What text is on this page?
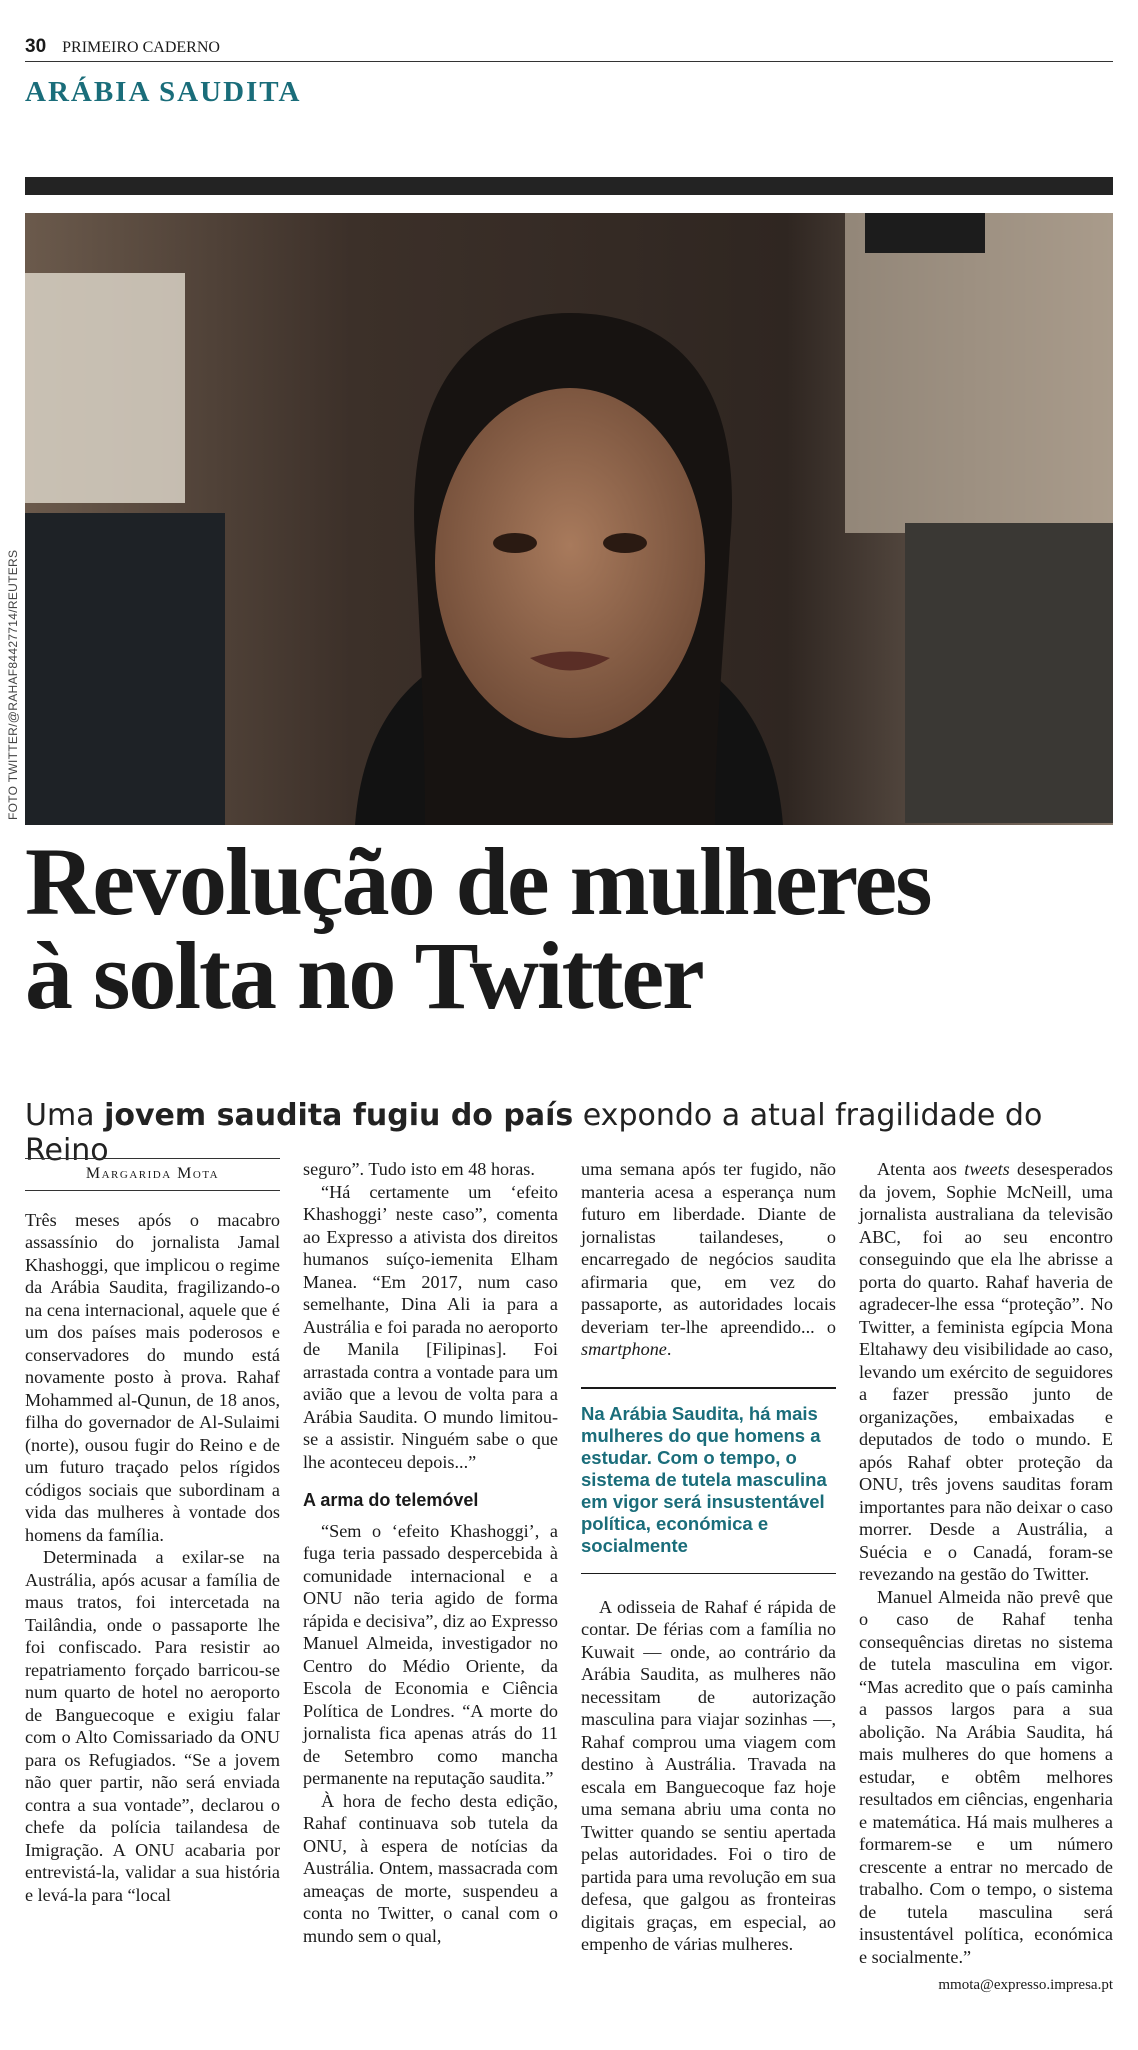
30 PRIMEIRO CADERNO
ARÁBIA SAUDITA
Rahaf al-Qunun,
saudita, 18 anos,
fugiu a 5 de janeiro
FOTO TWITTER/@RAHAF84427714/REUTERS
Revolução de mulheres
à solta no Twitter
Uma jovem saudita fugiu do país expondo a atual fragilidade do Reino
Margarida Mota

Três meses após o macabro assassínio do jornalista Jamal Khashoggi, que implicou o regime da Arábia Saudita, fragilizando-o na cena internacional, aquele que é um dos países mais poderosos e conservadores do mundo está novamente posto à prova. Rahaf Mohammed al-Qunun, de 18 anos, filha do governador de Al-Sulaimi (norte), ousou fugir do Reino e de um futuro traçado pelos rígidos códigos sociais que subordinam a vida das mulheres à vontade dos homens da família.

Determinada a exilar-se na Austrália, após acusar a família de maus tratos, foi intercetada na Tailândia, onde o passaporte lhe foi confiscado. Para resistir ao repatriamento forçado barricou-se num quarto de hotel no aeroporto de Banguecoque e exigiu falar com o Alto Comissariado da ONU para os Refugiados. “Se a jovem não quer partir, não será enviada contra a sua vontade”, declarou o chefe da polícia tailandesa de Imigração. A ONU acabaria por entrevistá-la, validar a sua história e levá-la para “local

seguro”. Tudo isto em 48 horas.

“Há certamente um ‘efeito Khashoggi’ neste caso”, comenta ao Expresso a ativista dos direitos humanos suíço-iemenita Elham Manea. “Em 2017, num caso semelhante, Dina Ali ia para a Austrália e foi parada no aeroporto de Manila [Filipinas]. Foi arrastada contra a vontade para um avião que a levou de volta para a Arábia Saudita. O mundo limitou-se a assistir. Ninguém sabe o que lhe aconteceu depois...”

A arma do telemóvel

“Sem o ‘efeito Khashoggi’, a fuga teria passado despercebida à comunidade internacional e a ONU não teria agido de forma rápida e decisiva”, diz ao Expresso Manuel Almeida, investigador no Centro do Médio Oriente, da Escola de Economia e Ciência Política de Londres. “A morte do jornalista fica apenas atrás do 11 de Setembro como mancha permanente na reputação saudita.”

À hora de fecho desta edição, Rahaf continuava sob tutela da ONU, à espera de notícias da Austrália. Ontem, massacrada com ameaças de morte, suspendeu a conta no Twitter, o canal com o mundo sem o qual,

uma semana após ter fugido, não manteria acesa a esperança num futuro em liberdade. Diante de jornalistas tailandeses, o encarregado de negócios saudita afirmaria que, em vez do passaporte, as autoridades locais deveriam ter-lhe apreendido... o smartphone.

Na Arábia Saudita, há mais mulheres do que homens a estudar. Com o tempo, o sistema de tutela masculina em vigor será insustentável política, económica e socialmente

A odisseia de Rahaf é rápida de contar. De férias com a família no Kuwait — onde, ao contrário da Arábia Saudita, as mulheres não necessitam de autorização masculina para viajar sozinhas —, Rahaf comprou uma viagem com destino à Austrália. Travada na escala em Banguecoque faz hoje uma semana abriu uma conta no Twitter quando se sentiu apertada pelas autoridades. Foi o tiro de partida para uma revolução em sua defesa, que galgou as fronteiras digitais graças, em especial, ao empenho de várias mulheres.

Atenta aos tweets desesperados da jovem, Sophie McNeill, uma jornalista australiana da televisão ABC, foi ao seu encontro conseguindo que ela lhe abrisse a porta do quarto. Rahaf haveria de agradecer-lhe essa “proteção”. No Twitter, a feminista egípcia Mona Eltahawy deu visibilidade ao caso, levando um exército de seguidores a fazer pressão junto de organizações, embaixadas e deputados de todo o mundo. E após Rahaf obter proteção da ONU, três jovens sauditas foram importantes para não deixar o caso morrer. Desde a Austrália, a Suécia e o Canadá, foram-se revezando na gestão do Twitter.

Manuel Almeida não prevê que o caso de Rahaf tenha consequências diretas no sistema de tutela masculina em vigor. “Mas acredito que o país caminha a passos largos para a sua abolição. Na Arábia Saudita, há mais mulheres do que homens a estudar, e obtêm melhores resultados em ciências, engenharia e matemática. Há mais mulheres a formarem-se e um número crescente a entrar no mercado de trabalho. Com o tempo, o sistema de tutela masculina será insustentável política, económica e socialmente.”

mmota@expresso.impresa.pt
